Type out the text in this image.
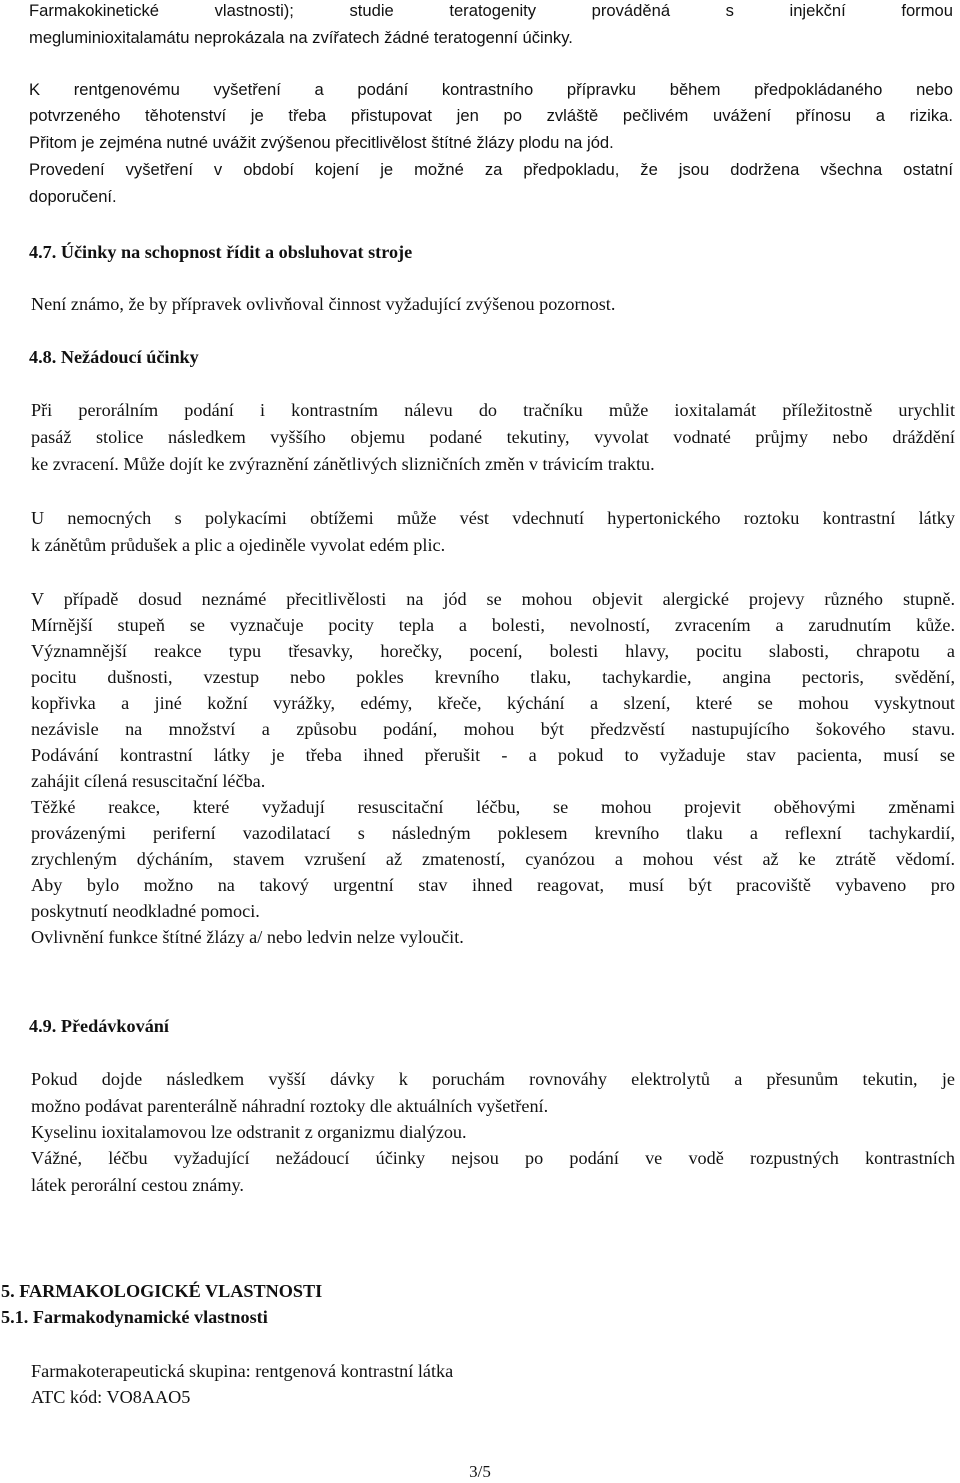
Farmakokinetické vlastnosti); studie teratogenity prováděná s injekční formou
megluminioxitalamátu neprokázala na zvířatech žádné teratogenní účinky.
K rentgenovému vyšetření a podání kontrastního přípravku během předpokládaného nebo
potvrzeného těhotenství je třeba přistupovat jen po zvláště pečlivém uvážení přínosu a rizika.
Přitom je zejména nutné uvážit zvýšenou přecitlivělost štítné žlázy plodu na jód.
Provedení vyšetření v období kojení je možné za předpokladu, že jsou dodržena všechna ostatní
doporučení.
4.7. Účinky na schopnost řídit a obsluhovat stroje
Není známo, že by přípravek ovlivňoval činnost vyžadující zvýšenou pozornost.
4.8. Nežádoucí účinky
Při perorálním podání i kontrastním nálevu do tračníku může ioxitalamát příležitostně urychlit
pasáž stolice následkem vyššího objemu podané tekutiny, vyvolat vodnaté průjmy nebo dráždění
ke zvracení. Může dojít ke zvýraznění zánětlivých slizničních změn v trávicím traktu.
U nemocných s polykacími obtížemi může vést vdechnutí hypertonického roztoku kontrastní látky
k zánětům průdušek a plic a ojediněle vyvolat edém plic.
V případě dosud neznámé přecitlivělosti na jód se mohou objevit alergické projevy různého stupně.
Mírnější stupeň se vyznačuje pocity tepla a bolesti, nevolností, zvracením a zarudnutím kůže.
Významnější reakce typu třesavky, horečky, pocení, bolesti hlavy, pocitu slabosti, chrapotu a
pocitu dušnosti, vzestup nebo pokles krevního tlaku, tachykardie, angina pectoris, svědění,
kopřivka a jiné kožní vyrážky, edémy, křeče, kýchání a slzení, které se mohou vyskytnout
nezávisle na množství a způsobu podání, mohou být předzvěstí nastupujícího šokového stavu.
Podávání kontrastní látky je třeba ihned přerušit - a pokud to vyžaduje stav pacienta, musí se
zahájit cílená resuscitační léčba.
Těžké reakce, které vyžadují resuscitační léčbu, se mohou projevit oběhovými změnami
provázenými periferní vazodilatací s následným poklesem krevního tlaku a reflexní tachykardií,
zrychleným dýcháním, stavem vzrušení až zmateností, cyanózou a mohou vést až ke ztrátě vědomí.
Aby bylo možno na takový urgentní stav ihned reagovat, musí být pracoviště vybaveno pro
poskytnutí neodkladné pomoci.
Ovlivnění funkce štítné žlázy a/ nebo ledvin nelze vyloučit.
4.9. Předávkování
Pokud dojde následkem vyšší dávky k poruchám rovnováhy elektrolytů a přesunům tekutin, je
možno podávat parenterálně náhradní roztoky dle aktuálních vyšetření.
Kyselinu ioxitalamovou lze odstranit z organizmu dialýzou.
Vážné, léčbu vyžadující nežádoucí účinky nejsou po podání ve vodě rozpustných kontrastních
látek perorální cestou známy.
5. FARMAKOLOGICKÉ VLASTNOSTI
5.1. Farmakodynamické vlastnosti
Farmakoterapeutická skupina: rentgenová kontrastní látka
ATC kód: VO8AAO5
3/5
